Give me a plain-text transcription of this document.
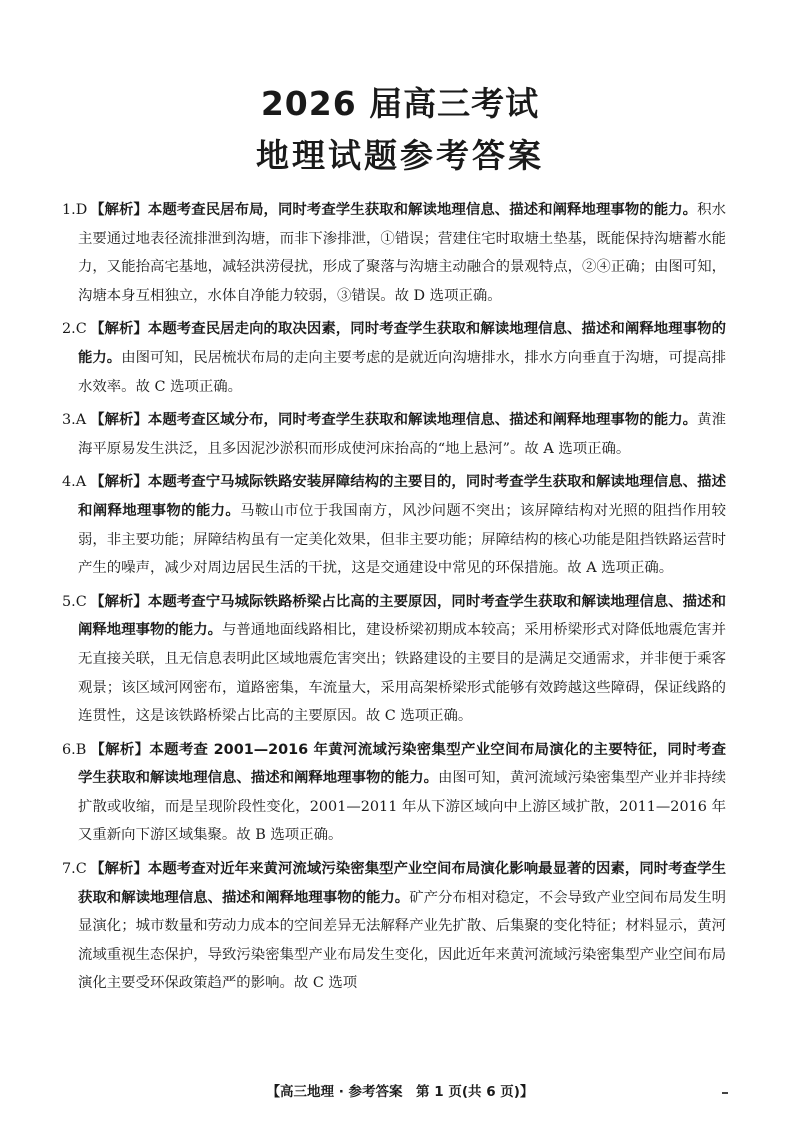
2026 届高三考试
地理试题参考答案

1.D 【解析】本题考查民居布局，同时考查学生获取和解读地理信息、描述和阐释地理事物的能力。积水主要通过地表径流排泄到沟塘，而非下渗排泄，①错误；营建住宅时取塘土垫基，既能保持沟塘蓄水能力，又能抬高宅基地，减轻洪涝侵扰，形成了聚落与沟塘主动融合的景观特点，②④正确；由图可知，沟塘本身互相独立，水体自净能力较弱，③错误。故 D 选项正确。

2.C 【解析】本题考查民居走向的取决因素，同时考查学生获取和解读地理信息、描述和阐释地理事物的能力。由图可知，民居梳状布局的走向主要考虑的是就近向沟塘排水，排水方向垂直于沟塘，可提高排水效率。故 C 选项正确。

3.A 【解析】本题考查区域分布，同时考查学生获取和解读地理信息、描述和阐释地理事物的能力。黄淮海平原易发生洪泛，且多因泥沙淤积而形成使河床抬高的“地上悬河”。故 A 选项正确。

4.A 【解析】本题考查宁马城际铁路安装屏障结构的主要目的，同时考查学生获取和解读地理信息、描述和阐释地理事物的能力。马鞍山市位于我国南方，风沙问题不突出；该屏障结构对光照的阻挡作用较弱，非主要功能；屏障结构虽有一定美化效果，但非主要功能；屏障结构的核心功能是阻挡铁路运营时产生的噪声，减少对周边居民生活的干扰，这是交通建设中常见的环保措施。故 A 选项正确。

5.C 【解析】本题考查宁马城际铁路桥梁占比高的主要原因，同时考查学生获取和解读地理信息、描述和阐释地理事物的能力。与普通地面线路相比，建设桥梁初期成本较高；采用桥梁形式对降低地震危害并无直接关联，且无信息表明此区域地震危害突出；铁路建设的主要目的是满足交通需求，并非便于乘客观景；该区域河网密布，道路密集，车流量大，采用高架桥梁形式能够有效跨越这些障碍，保证线路的连贯性，这是该铁路桥梁占比高的主要原因。故 C 选项正确。

6.B 【解析】本题考查 2001—2016 年黄河流域污染密集型产业空间布局演化的主要特征，同时考查学生获取和解读地理信息、描述和阐释地理事物的能力。由图可知，黄河流域污染密集型产业并非持续扩散或收缩，而是呈现阶段性变化，2001—2011 年从下游区域向中上游区域扩散，2011—2016 年又重新向下游区域集聚。故 B 选项正确。

7.C 【解析】本题考查对近年来黄河流域污染密集型产业空间布局演化影响最显著的因素，同时考查学生获取和解读地理信息、描述和阐释地理事物的能力。矿产分布相对稳定，不会导致产业空间布局发生明显演化；城市数量和劳动力成本的空间差异无法解释产业先扩散、后集聚的变化特征；材料显示，黄河流域重视生态保护，导致污染密集型产业布局发生变化，因此近年来黄河流域污染密集型产业空间布局演化主要受环保政策趋严的影响。故 C 选项

【高三地理 · 参考答案　第 1 页(共 6 页)】
